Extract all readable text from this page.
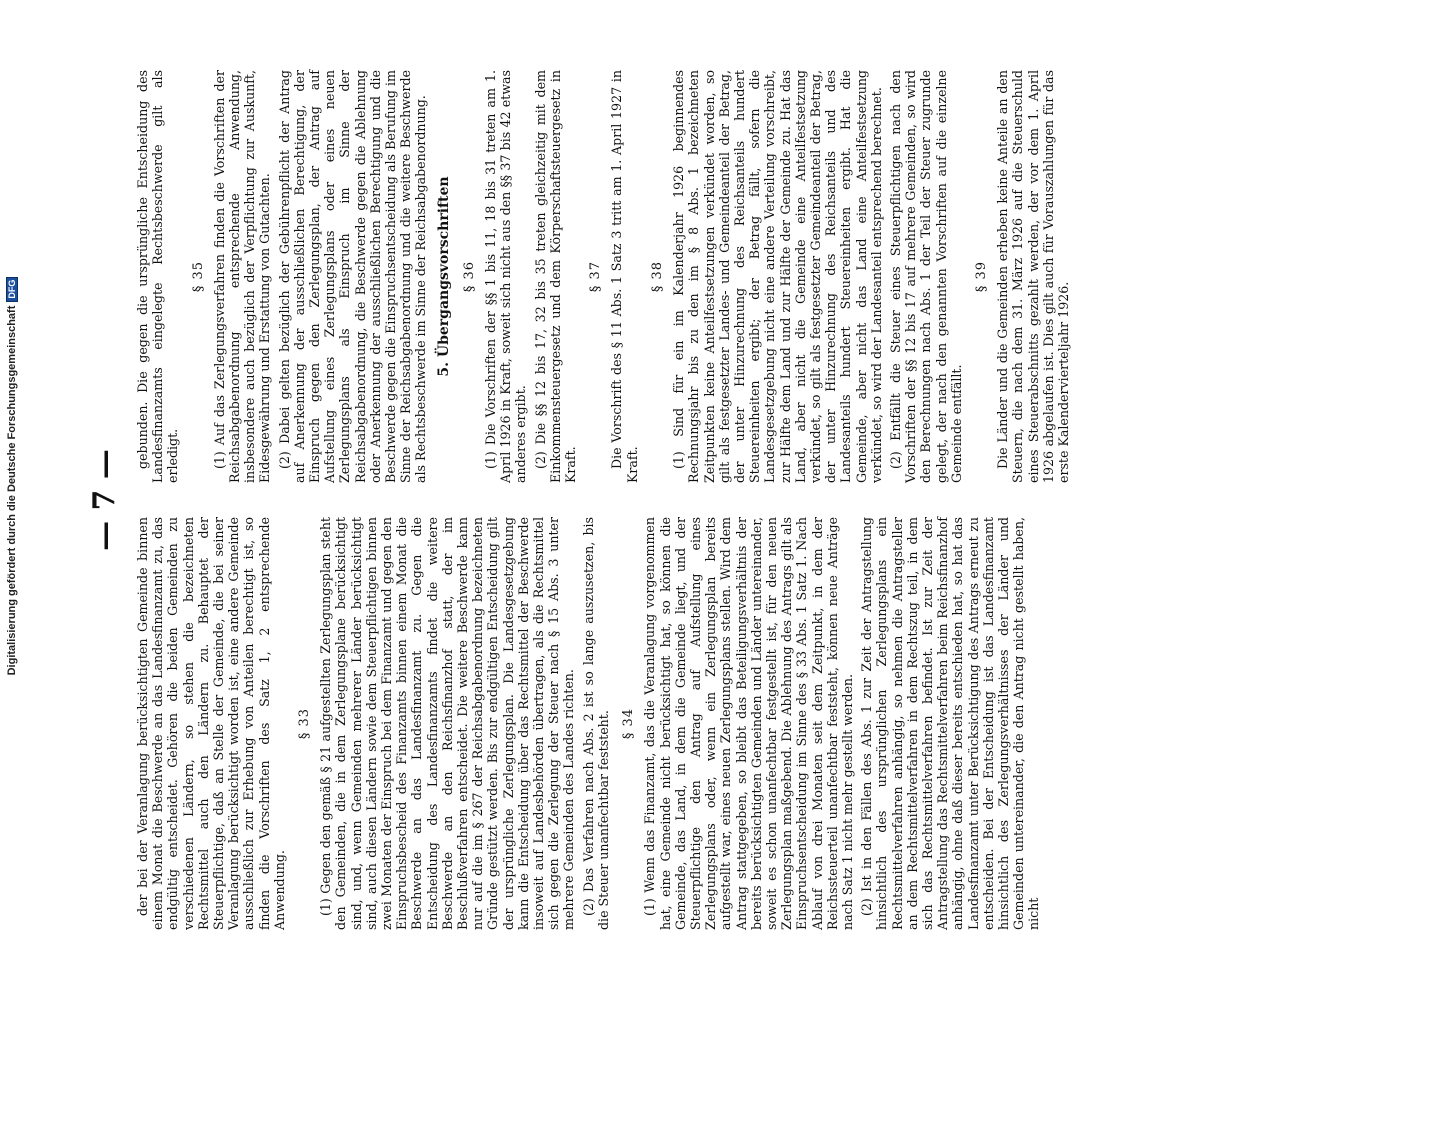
— 7 —

der bei der Veranlagung berücksichtigten Gemeinde binnen einem Monat die Beschwerde an das Landesfinanzamt zu, das endgültig entscheidet. Gehören die beiden Gemeinden zu verschiedenen Ländern, so stehen die bezeichneten Rechtsmittel auch den Ländern zu. Behauptet der Steuerpflichtige, daß an Stelle der Gemeinde, die bei seiner Veranlagung berücksichtigt worden ist, eine andere Gemeinde ausschließlich zur Erhebung von Anteilen berechtigt ist, so finden die Vorschriften des Satz 1, 2 entsprechende Anwendung.

§ 33 (1) Gegen den gemäß § 21 aufgestellten Zerlegungsplan steht den Gemeinden, die in dem Zerlegungsplane berücksichtigt sind, und, wenn Gemeinden mehrerer Länder berücksichtigt sind, auch diesen Ländern sowie dem Steuerpflichtigen binnen zwei Monaten der Einspruch bei dem Finanzamt und gegen den Einspruchsbescheid des Finanzamts binnen einem Monat die Beschwerde an das Landesfinanzamt zu. Gegen die Entscheidung des Landesfinanzamts findet die weitere Beschwerde an den Reichsfinanzhof statt, der im Beschlußverfahren entscheidet. Die weitere Beschwerde kann nur auf die im § 267 der Reichsabgabenordnung bezeichneten Gründe gestützt werden. Bis zur endgültigen Entscheidung gilt der ursprüngliche Zerlegungsplan. Die Landesgesetzgebung kann die Entscheidung über das Rechtsmittel der Beschwerde insoweit auf Landesbehörden übertragen, als die Rechtsmittel sich gegen die Zerlegung der Steuer nach § 15 Abs. 3 unter mehrere Gemeinden des Landes richten. (2) Das Verfahren nach Abs. 2 ist so lange auszusetzen, bis die Steuer unanfechtbar feststeht. § 34 (1) Wenn das Finanzamt, das die Veranlagung vorgenommen hat, eine Gemeinde nicht berücksichtigt hat, so können die Gemeinde, das Land, in dem die Gemeinde liegt, und der Steuerpflichtige den Antrag auf Aufstellung eines Zerlegungsplans oder, wenn ein Zerlegungsplan bereits aufgestellt war, eines neuen Zerlegungsplans stellen. Wird dem Antrag stattgegeben, so bleibt das Beteiligungsverhältnis der bereits berücksichtigten Gemeinden und Länder untereinander, soweit es schon unanfechtbar festgestellt ist, für den neuen Zerlegungsplan maßgebend. Die Ablehnung des Antrags gilt als Einspruchsentscheidung im Sinne des § 33 Abs. 1 Satz 1. Nach Ablauf von drei Monaten seit dem Zeitpunkt, in dem der Reichssteuerteil unanfechtbar feststeht, können neue Anträge nach Satz 1 nicht mehr gestellt werden. (2) Ist in den Fällen des Abs. 1 zur Zeit der Antragstellung hinsichtlich des ursprünglichen Zerlegungsplans ein Rechtsmittelverfahren anhängig, so nehmen die Antragsteller an dem Rechtsmittelverfahren in dem Rechtszug teil, in dem sich das Rechtsmittelverfahren befindet. Ist zur Zeit der Antragstellung das Rechtsmittelverfahren beim Reichsfinanzhof anhängig, ohne daß dieser bereits entschieden hat, so hat das Landesfinanzamt unter Berücksichtigung des Antrags erneut zu entscheiden. Bei der Entscheidung ist das Landesfinanzamt hinsichtlich des Zerlegungsverhältnisses der Länder und Gemeinden untereinander, die den Antrag nicht gestellt haben, nicht

gebunden. Die gegen die ursprüngliche Entscheidung des Landesfinanzamts eingelegte Rechtsbeschwerde gilt als erledigt.

§ 35 (1) Auf das Zerlegungsverfahren finden die Vorschriften der Reichsabgabenordnung entsprechende Anwendung, insbesondere auch bezüglich der Verpflichtung zur Auskunft, Eidesgewährung und Erstattung von Gutachten. (2) Dabei gelten bezüglich der Gebührenpflicht der Antrag auf Anerkennung der ausschließlichen Berechtigung, der Einspruch gegen den Zerlegungsplan, der Antrag auf Aufstellung eines Zerlegungsplans oder eines neuen Zerlegungsplans als Einspruch im Sinne der Reichsabgabenordnung, die Beschwerde gegen die Ablehnung oder Anerkennung der ausschließlichen Berechtigung und die Beschwerde gegen die Einspruchsentscheidung als Berufung im Sinne der Reichsabgabenordnung und die weitere Beschwerde als Rechtsbeschwerde im Sinne der Reichsabgabenordnung. 5. Übergangsvorschriften § 36 (1) Die Vorschriften der §§ 1 bis 11, 18 bis 31 treten am 1. April 1926 in Kraft, soweit sich nicht aus den §§ 37 bis 42 etwas anderes ergibt. (2) Die §§ 12 bis 17, 32 bis 35 treten gleichzeitig mit dem Einkommensteuergesetz und dem Körperschaftsteuergesetz in Kraft.

§ 37 Die Vorschrift des § 11 Abs. 1 Satz 3 tritt am 1. April 1927 in Kraft.

§ 38 (1) Sind für ein im Kalenderjahr 1926 beginnendes Rechnungsjahr bis zu den im § 8 Abs. 1 bezeichneten Zeitpunkten keine Anteilfestsetzungen verkündet worden, so gilt als festgesetzter Landes- und Gemeindeanteil der Betrag, der unter Hinzurechnung des Reichsanteils hundert Steuereinheiten ergibt; der Betrag fällt, sofern die Landesgesetzgebung nicht eine andere Verteilung vorschreibt, zur Hälfte dem Land und zur Hälfte der Gemeinde zu. Hat das Land, aber nicht die Gemeinde eine Anteilfestsetzung verkündet, so gilt als festgesetzter Gemeindeanteil der Betrag, der unter Hinzurechnung des Reichsanteils und des Landesanteils hundert Steuereinheiten ergibt. Hat die Gemeinde, aber nicht das Land eine Anteilfestsetzung verkündet, so wird der Landesanteil entsprechend berechnet. (2) Entfällt die Steuer eines Steuerpflichtigen nach den Vorschriften der §§ 12 bis 17 auf mehrere Gemeinden, so wird den Berechnungen nach Abs. 1 der Teil der Steuer zugrunde gelegt, der nach den genannten Vorschriften auf die einzelne Gemeinde entfällt.

§ 39 Die Länder und die Gemeinden erheben keine Anteile an den Steuern, die nach dem 31. März 1926 auf die Steuerschuld eines Steuerabschnitts gezahlt werden, der vor dem 1. April 1926 abgelaufen ist. Dies gilt auch für Vorauszahlungen für das erste Kalendervierteljahr 1926.

Digitalisierung gefördert durch die Deutsche ForschungsgemeinschaftDFG
